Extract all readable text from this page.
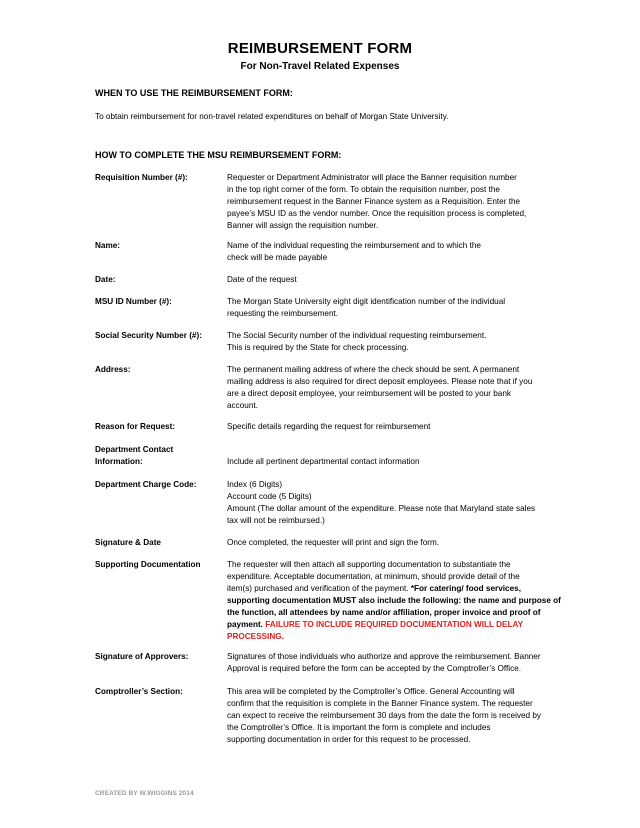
REIMBURSEMENT FORM
For Non-Travel Related Expenses
WHEN TO USE THE REIMBURSEMENT FORM:
To obtain reimbursement for non-travel related expenditures on behalf of Morgan State University.
HOW TO COMPLETE THE MSU REIMBURSEMENT FORM:
Requisition Number (#):	Requester or Department Administrator will place the Banner requisition number
in the top right corner of the form. To obtain the requisition number, post the
reimbursement request in the Banner Finance system as a Requisition. Enter the
payee’s MSU ID as the vendor number. Once the requisition process is completed,
Banner will assign the requisition number.
Name:	Name of the individual requesting the reimbursement and to which the
check will be made payable
Date:	Date of the request
MSU ID Number (#):	The Morgan State University eight digit identification number of the individual
requesting the reimbursement.
Social Security Number (#):	The Social Security number of the individual requesting reimbursement.
This is required by the State for check processing.
Address:	The permanent mailing address of where the check should be sent. A permanent
mailing address is also required for direct deposit employees. Please note that if you
are a direct deposit employee, your reimbursement will be posted to your bank
account.
Reason for Request:	Specific details regarding the request for reimbursement
Department Contact
Information:	Include all pertinent departmental contact information
Department Charge Code:	Index (6 Digits)
Account code (5 Digits)
Amount (The dollar amount of the expenditure. Please note that Maryland state sales
tax will not be reimbursed.)
Signature & Date	Once completed, the requester will print and sign the form.
Supporting Documentation	The requester will then attach all supporting documentation to substantiate the
expenditure. Acceptable documentation, at minimum, should provide detail of the
item(s) purchased and verification of the payment. *For catering/ food services,
supporting documentation MUST also include the following: the name and purpose of
the function, all attendees by name and/or affiliation, proper invoice and proof of
payment. FAILURE TO INCLUDE REQUIRED DOCUMENTATION WILL DELAY
PROCESSING.
Signature of Approvers:	Signatures of those individuals who authorize and approve the reimbursement. Banner
Approval is required before the form can be accepted by the Comptroller’s Office.
Comptroller’s Section:	This area will be completed by the Comptroller’s Office. General Accounting will
confirm that the requisition is complete in the Banner Finance system. The requester
can expect to receive the reimbursement 30 days from the date the form is received by
the Comptroller’s Office. It is important the form is complete and includes
supporting documentation in order for this request to be processed.
CREATED BY W.WIGGINS 2014
